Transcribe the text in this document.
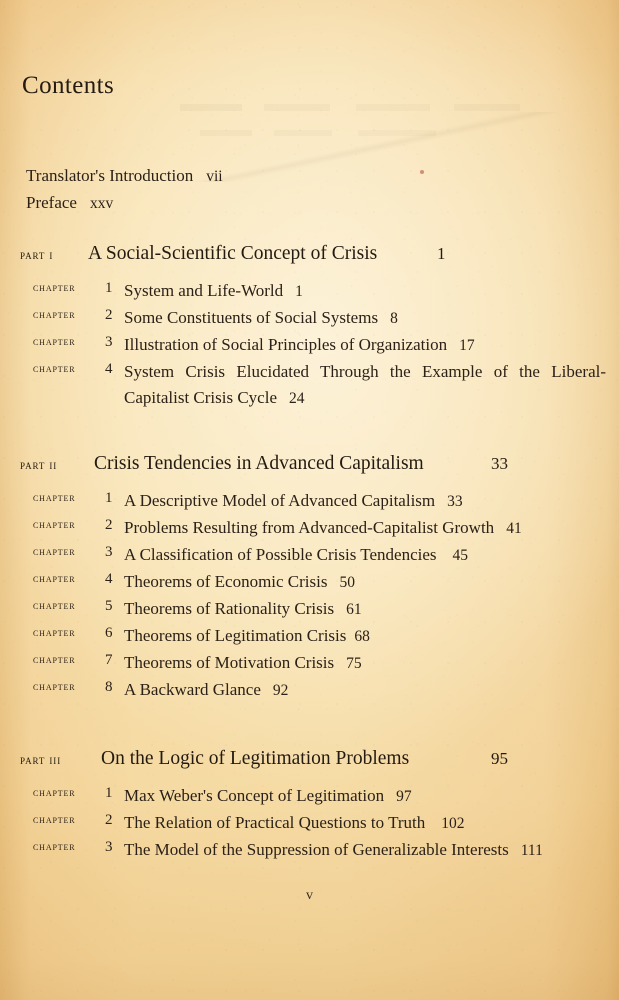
Contents
Translator's Introduction vii
Preface xxv
part i A Social-Scientific Concept of Crisis	1
chapter 1 System and Life-World 1
chapter 2 Some Constituents of Social Systems 8
chapter 3 Illustration of Social Principles of Organization 17
chapter 4 System Crisis Elucidated Through the Example of the Liberal-Capitalist Crisis Cycle 24
part ii Crisis Tendencies in Advanced Capitalism	33
chapter 1 A Descriptive Model of Advanced Capitalism 33
chapter 2 Problems Resulting from Advanced-Capitalist Growth 41
chapter 3 A Classification of Possible Crisis Tendencies 45
chapter 4 Theorems of Economic Crisis 50
chapter 5 Theorems of Rationality Crisis 61
chapter 6 Theorems of Legitimation Crisis 68
chapter 7 Theorems of Motivation Crisis 75
chapter 8 A Backward Glance 92
part iii On the Logic of Legitimation Problems	95
chapter 1 Max Weber's Concept of Legitimation 97
chapter 2 The Relation of Practical Questions to Truth 102
chapter 3 The Model of the Suppression of Generalizable Interests 111
v
